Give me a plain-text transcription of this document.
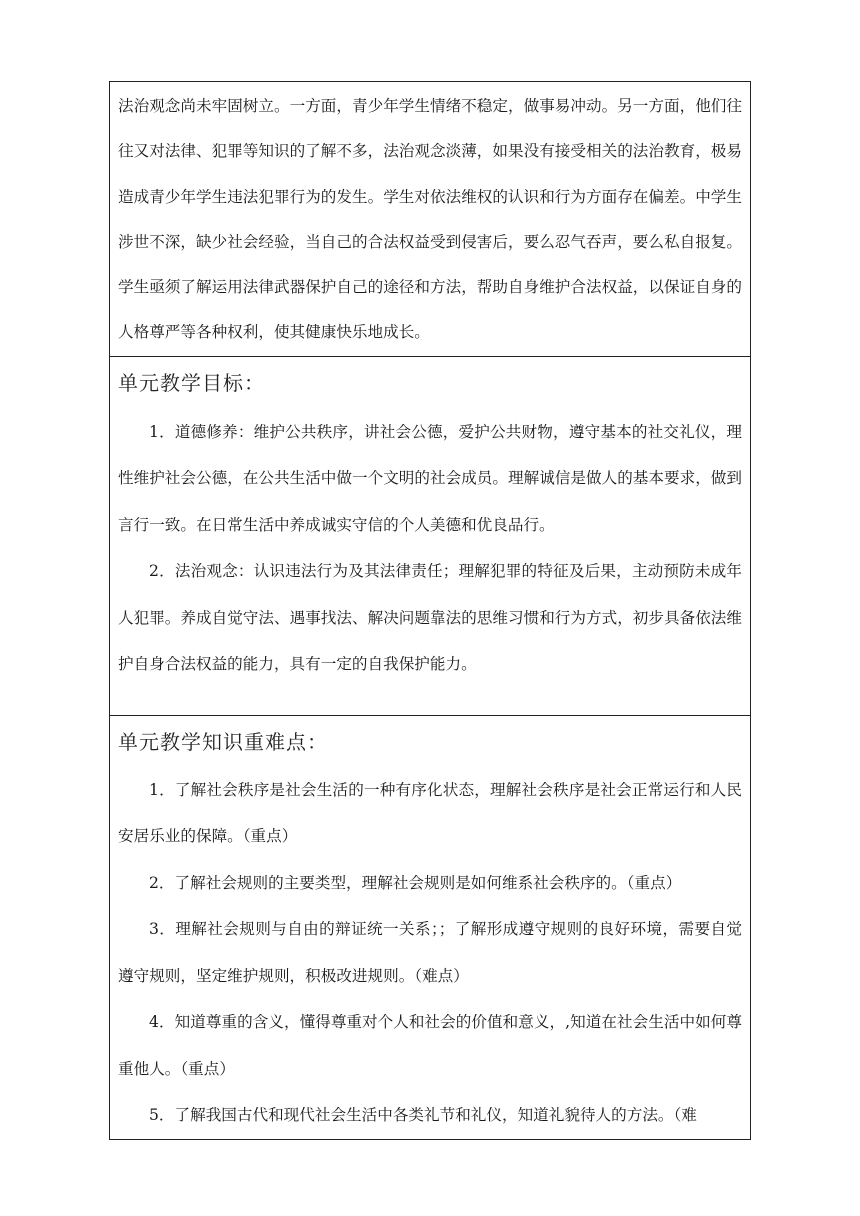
法治观念尚未牢固树立。一方面，青少年学生情绪不稳定，做事易冲动。另一方面，他们往往又对法律、犯罪等知识的了解不多，法治观念淡薄，如果没有接受相关的法治教育，极易造成青少年学生违法犯罪行为的发生。学生对依法维权的认识和行为方面存在偏差。中学生涉世不深，缺少社会经验，当自己的合法权益受到侵害后，要么忍气吞声，要么私自报复。学生亟须了解运用法律武器保护自己的途径和方法，帮助自身维护合法权益，以保证自身的人格尊严等各种权利，使其健康快乐地成长。

单元教学目标：

1．道德修养：维护公共秩序，讲社会公德，爱护公共财物，遵守基本的社交礼仪，理性维护社会公德，在公共生活中做一个文明的社会成员。理解诚信是做人的基本要求，做到言行一致。在日常生活中养成诚实守信的个人美德和优良品行。

2．法治观念：认识违法行为及其法律责任；理解犯罪的特征及后果，主动预防未成年人犯罪。养成自觉守法、遇事找法、解决问题靠法的思维习惯和行为方式，初步具备依法维护自身合法权益的能力，具有一定的自我保护能力。

单元教学知识重难点：

1．了解社会秩序是社会生活的一种有序化状态，理解社会秩序是社会正常运行和人民安居乐业的保障。（重点）

2．了解社会规则的主要类型，理解社会规则是如何维系社会秩序的。（重点）

3．理解社会规则与自由的辩证统一关系；；了解形成遵守规则的良好环境，需要自觉遵守规则，坚定维护规则，积极改进规则。（难点）

4．知道尊重的含义，懂得尊重对个人和社会的价值和意义，,知道在社会生活中如何尊重他人。（重点）

5．了解我国古代和现代社会生活中各类礼节和礼仪，知道礼貌待人的方法。（难
